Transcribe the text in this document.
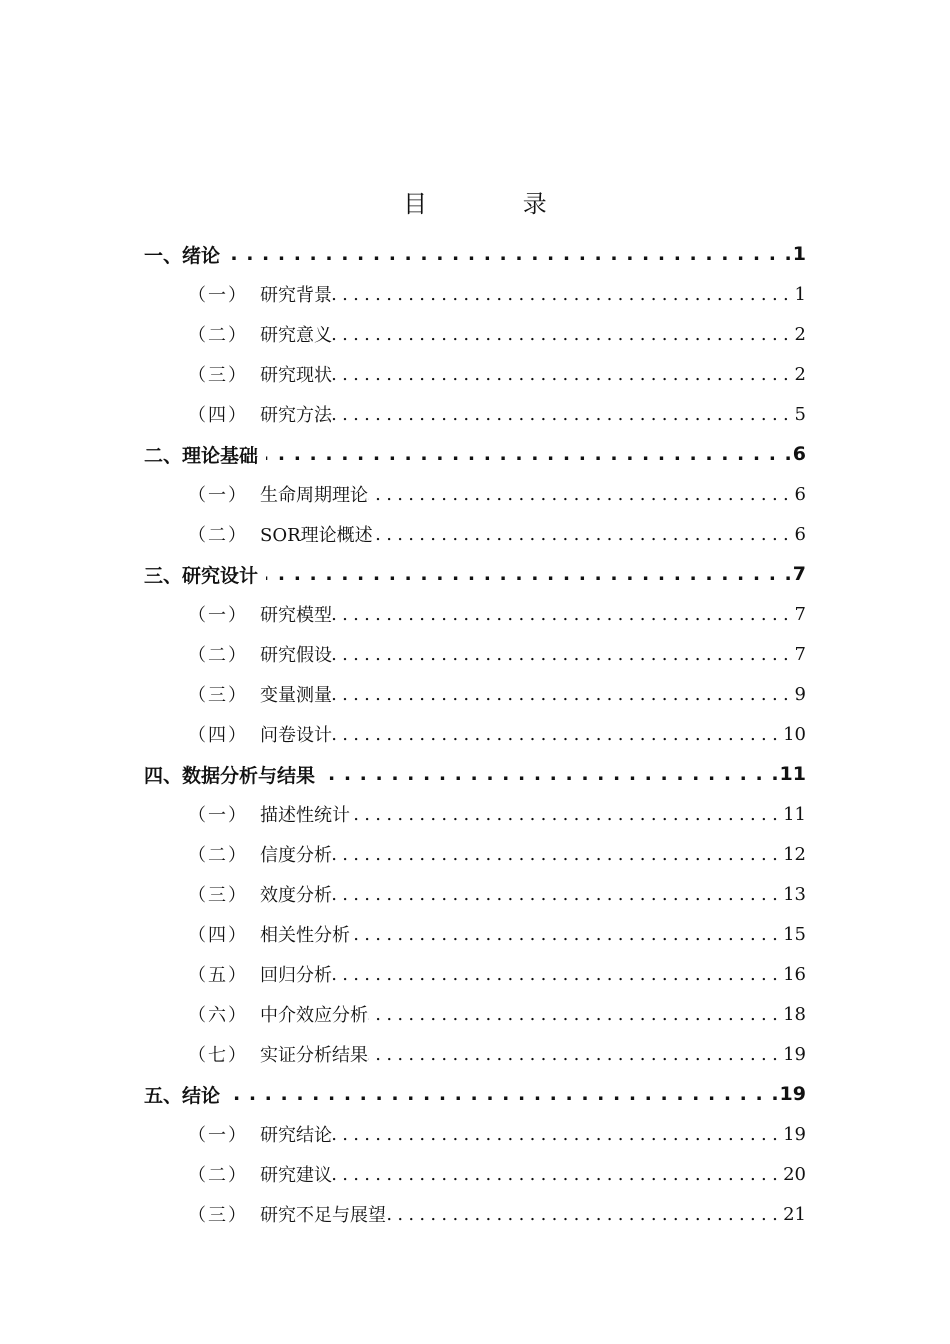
目 录
一、 绪论 . . .	1
（一） 研究背景 .....	1
（二） 研究意义 .....	2
（三） 研究现状 .....	2
（四） 研究方法 .....	5
二、 理论基础 . . .	6
（一） 生命周期理论 .....	6
（二） SOR理论概述 .....	6
三、 研究设计 . . .	7
（一） 研究模型 .....	7
（二） 研究假设 .....	7
（三） 变量测量 .....	9
（四） 问卷设计 .....	10
四、 数据分析与结果 . . .	11
（一） 描述性统计 .....	11
（二） 信度分析 .....	12
（三） 效度分析 .....	13
（四） 相关性分析 .....	15
（五） 回归分析 .....	16
（六） 中介效应分析 .....	18
（七） 实证分析结果 .....	19
五、 结论 . . .	19
（一） 研究结论 .....	19
（二） 研究建议 .....	20
（三） 研究不足与展望 .....	21
